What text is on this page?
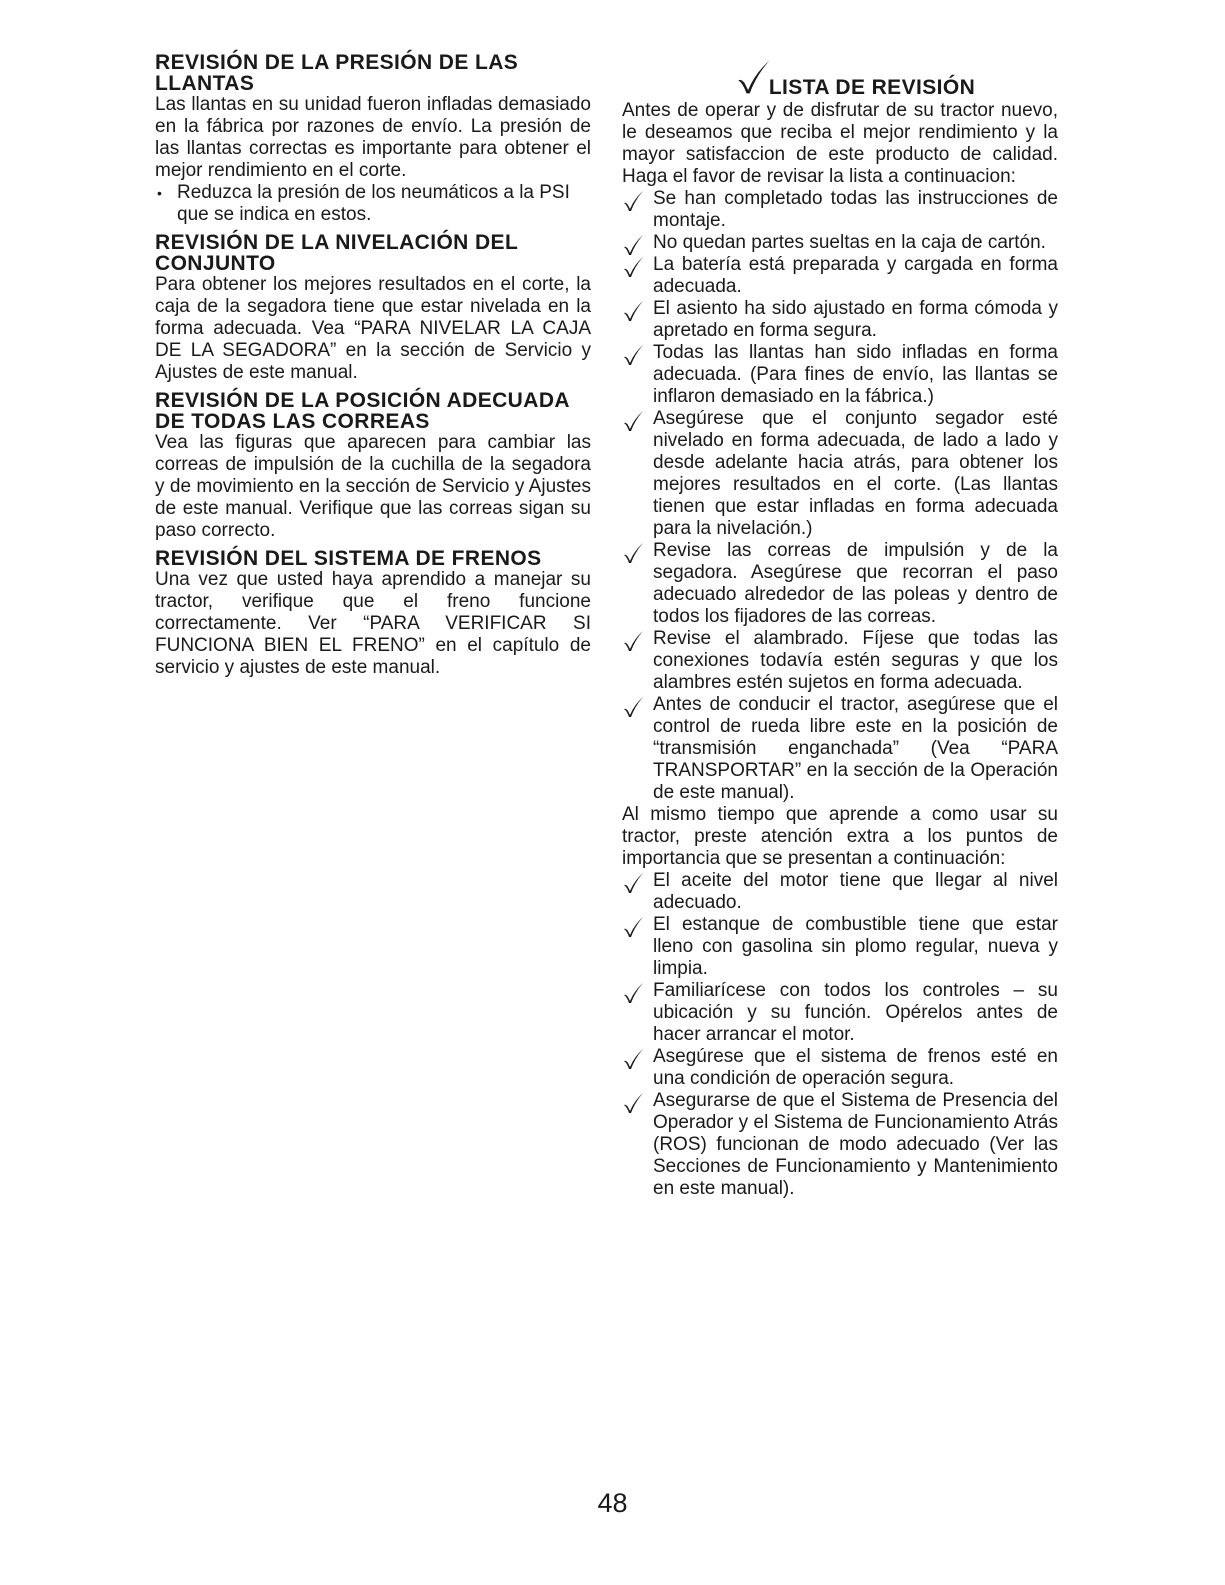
REVISIÓN DE LA PRESIÓN DE LAS LLANTAS

Las llantas en su unidad fueron infladas demasiado en la fábrica por razones de envío. La presión de las llantas correctas es importante para obtener el mejor rendimiento en el corte.

• Reduzca la presión de los neumáticos a la PSI que se indica en estos.
REVISIÓN DE LA NIVELACIÓN DEL CONJUNTO

Para obtener los mejores resultados en el corte, la caja de la segadora tiene que estar nivelada en la forma adecuada. Vea “PARA NIVELAR LA CAJA DE LA SEGADORA” en la sección de Servicio y Ajustes de este manual.

REVISIÓN DE LA POSICIÓN ADECUADA DE TODAS LAS CORREAS

Vea las figuras que aparecen para cambiar las correas de impulsión de la cuchilla de la segadora y de movimiento en la sección de Servicio y Ajustes de este manual. Verifique que las correas sigan su paso correcto.

REVISIÓN DEL SISTEMA DE FRENOS

Una vez que usted haya aprendido a manejar su tractor, verifique que el freno funcione correctamente. Ver “PARA VERIFICAR SI FUNCIONA BIEN EL FRENO” en el capítulo de servicio y ajustes de este manual.

LISTA DE REVISIÓN

Antes de operar y de disfrutar de su tractor nuevo, le deseamos que reciba el mejor rendimiento y la mayor satisfaccion de este producto de calidad. Haga el favor de revisar la lista a continuacion:

Se han completado todas las instrucciones de montaje.
No quedan partes sueltas en la caja de cartón.
La batería está preparada y cargada en forma adecuada.
El asiento ha sido ajustado en forma cómoda y apretado en forma segura.
Todas las llantas han sido infladas en forma adecuada. (Para fines de envío, las llantas se inflaron demasiado en la fábrica.)
Asegúrese que el conjunto segador esté nivelado en forma adecuada, de lado a lado y desde adelante hacia atrás, para obtener los mejores resultados en el corte. (Las llantas tienen que estar infladas en forma adecuada para la nivelación.)
Revise las correas de impulsión y de la segadora. Asegúrese que recorran el paso adecuado alrededor de las poleas y dentro de todos los fijadores de las correas.
Revise el alambrado. Fíjese que todas las conexiones todavía estén seguras y que los alambres estén sujetos en forma adecuada.
Antes de conducir el tractor, asegúrese que el control de rueda libre este en la posición de “transmisión enganchada” (Vea “PARA TRANSPORTAR” en la sección de la Operación de este manual).

Al mismo tiempo que aprende a como usar su tractor, preste atención extra a los puntos de importancia que se presentan a continuación:

El aceite del motor tiene que llegar al nivel adecuado.
El estanque de combustible tiene que estar lleno con gasolina sin plomo regular, nueva y limpia.
Familiarícese con todos los controles – su ubicación y su función. Opérelos antes de hacer arrancar el motor.
Asegúrese que el sistema de frenos esté en una condición de operación segura.
Asegurarse de que el Sistema de Presencia del Operador y el Sistema de Funcionamiento Atrás (ROS) funcionan de modo adecuado (Ver las Secciones de Funcionamiento y Mantenimiento en este manual).
48
